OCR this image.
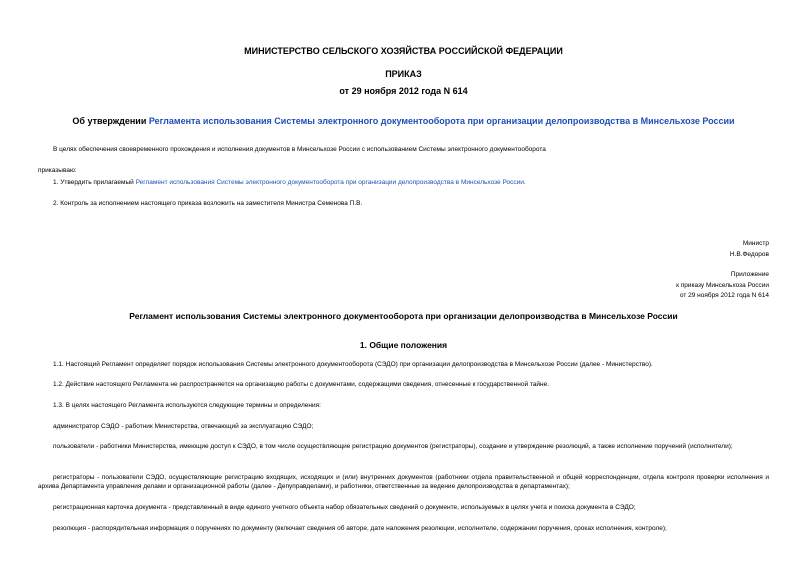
МИНИСТЕРСТВО СЕЛЬСКОГО ХОЗЯЙСТВА РОССИЙСКОЙ ФЕДЕРАЦИИ
ПРИКАЗ
от 29 ноября 2012 года N 614
Об утверждении Регламента использования Системы электронного документооборота при организации делопроизводства в Минсельхозе России
В целях обеспечения своевременного прохождения и исполнения документов в Минсельхозе России с использованием Системы электронного документооборота
приказываю:
1. Утвердить прилагаемый Регламент использования Системы электронного документооборота при организации делопроизводства в Минсельхозе России.
2. Контроль за исполнением настоящего приказа возложить на заместителя Министра Семенова П.В.
Министр
Н.В.Федоров
Приложение
к приказу Минсельхоза России
от 29 ноября 2012 года N 614
Регламент использования Системы электронного документооборота при организации делопроизводства в Минсельхозе России
1. Общие положения
1.1. Настоящий Регламент определяет порядок использования Системы электронного документооборота (СЭДО) при организации делопроизводства в Минсельхозе России (далее - Министерство).
1.2. Действие настоящего Регламента не распространяется на организацию работы с документами, содержащими сведения, отнесенные к государственной тайне.
1.3. В целях настоящего Регламента используются следующие термины и определения:
администратор СЭДО - работник Министерства, отвечающий за эксплуатацию СЭДО;
пользователи - работники Министерства, имеющие доступ к СЭДО, в том числе осуществляющие регистрацию документов (регистраторы), создание и утверждение резолюций, а также исполнение поручений (исполнители);
регистраторы - пользователи СЭДО, осуществляющие регистрацию входящих, исходящих и (или) внутренних документов (работники отдела правительственной и общей корреспонденции, отдела контроля проверки исполнения и архива Департамента управления делами и организационной работы (далее - Депуправделами), и работники, ответственные за ведение делопроизводства в департаментах);
регистрационная карточка документа - представленный в виде единого учетного объекта набор обязательных сведений о документе, используемых в целях учета и поиска документа в СЭДО;
резолюция - распорядительная информация о поручениях по документу (включает сведения об авторе, дате наложения резолюции, исполнителе, содержании поручения, сроках исполнения, контроле);
